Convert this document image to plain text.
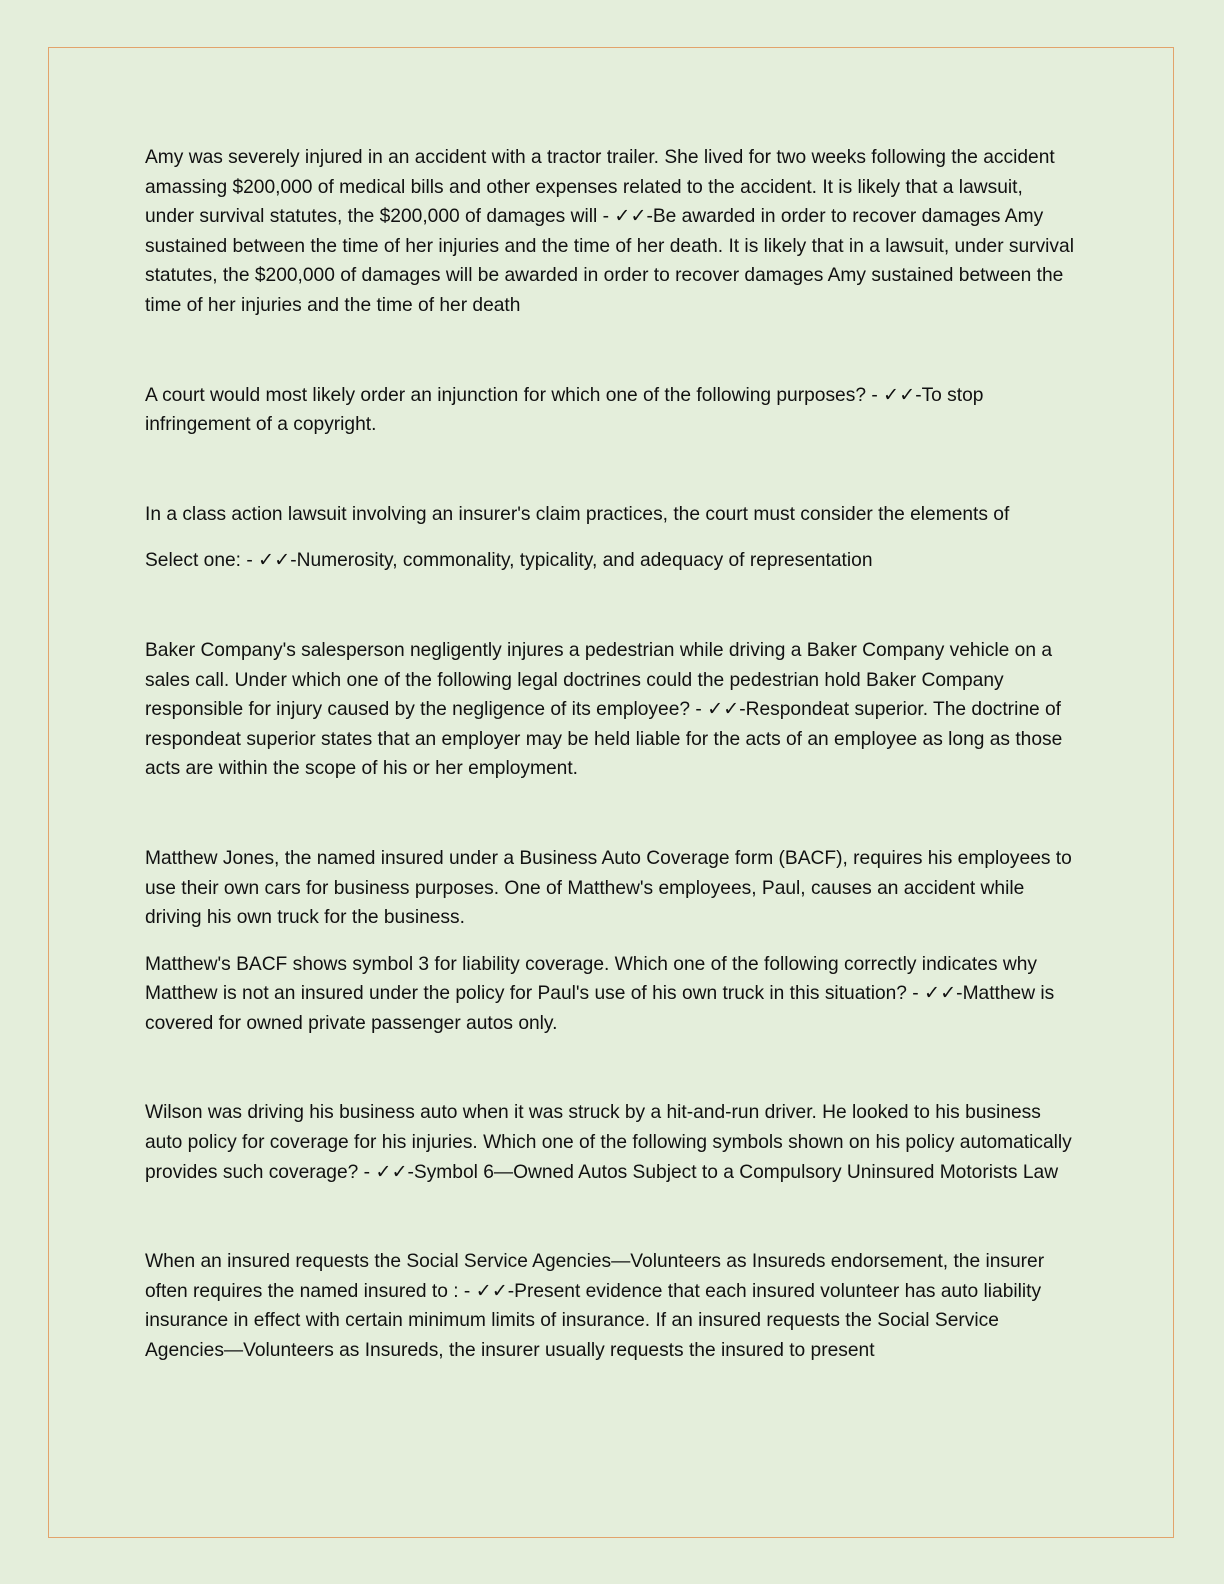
Amy was severely injured in an accident with a tractor trailer. She lived for two weeks following the accident amassing $200,000 of medical bills and other expenses related to the accident. It is likely that a lawsuit, under survival statutes, the $200,000 of damages will - ✓✓-Be awarded in order to recover damages Amy sustained between the time of her injuries and the time of her death. It is likely that in a lawsuit, under survival statutes, the $200,000 of damages will be awarded in order to recover damages Amy sustained between the time of her injuries and the time of her death

A court would most likely order an injunction for which one of the following purposes? - ✓✓-To stop infringement of a copyright.

In a class action lawsuit involving an insurer's claim practices, the court must consider the elements of

Select one: - ✓✓-Numerosity, commonality, typicality, and adequacy of representation

Baker Company's salesperson negligently injures a pedestrian while driving a Baker Company vehicle on a sales call. Under which one of the following legal doctrines could the pedestrian hold Baker Company responsible for injury caused by the negligence of its employee? - ✓✓-Respondeat superior. The doctrine of respondeat superior states that an employer may be held liable for the acts of an employee as long as those acts are within the scope of his or her employment.

Matthew Jones, the named insured under a Business Auto Coverage form (BACF), requires his employees to use their own cars for business purposes. One of Matthew's employees, Paul, causes an accident while driving his own truck for the business.

Matthew's BACF shows symbol 3 for liability coverage. Which one of the following correctly indicates why Matthew is not an insured under the policy for Paul's use of his own truck in this situation? - ✓✓-Matthew is covered for owned private passenger autos only.

Wilson was driving his business auto when it was struck by a hit-and-run driver. He looked to his business auto policy for coverage for his injuries. Which one of the following symbols shown on his policy automatically provides such coverage? - ✓✓-Symbol 6—Owned Autos Subject to a Compulsory Uninsured Motorists Law

When an insured requests the Social Service Agencies—Volunteers as Insureds endorsement, the insurer often requires the named insured to : - ✓✓-Present evidence that each insured volunteer has auto liability insurance in effect with certain minimum limits of insurance. If an insured requests the Social Service Agencies—Volunteers as Insureds, the insurer usually requests the insured to present
